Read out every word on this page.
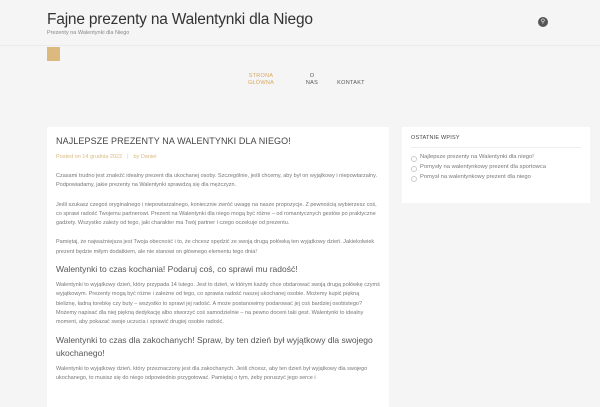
Fajne prezenty na Walentynki dla Niego
Prezenty na Walentynki dla Niego
⚲
STRONA GŁÓWNA
O NAS	KONTAKT
NAJLEPSZE PREZENTY NA WALENTYNKI DLA NIEGO!
Posted on 14 grudnia 2022 | by Daniel

Czasami trudno jest znaleźć idealny prezent dla ukochanej osoby. Szczególnie, jeśli chcemy, aby był on wyjątkowy i niepowtarzalny. Podpowiadamy, jakie prezenty na Walentynki sprawdzą się dla mężczyzn.

Jeśli szukasz czegoś oryginalnego i niepowtarzalnego, koniecznie zwróć uwagę na nasze propozycje. Z pewnością wybierzesz coś, co sprawi radość Twojemu partnerowi. Prezent na Walentynki dla niego mogą być różne – od romantycznych gestów po praktyczne gadżety. Wszystko zależy od tego, jaki charakter ma Twój partner i czego oczekuje od prezentu.

Pamiętaj, że najważniejsza jest Twoja obecność i to, że chcesz spędzić ze swoją drugą połówką ten wyjątkowy dzień. Jakiekolwiek prezent będzie miłym dodatkiem, ale nie stanowi on głównego elementu tego dnia!

Walentynki to czas kochania! Podaruj coś, co sprawi mu radość!

Walentynki to wyjątkowy dzień, który przypada 14 lutego. Jest to dzień, w którym każdy chce obdarować swoją drugą połówkę czymś wyjątkowym. Prezenty mogą być różne i zależne od tego, co sprawia radość naszej ukochanej osobie. Możemy kupić piękną bieliznę, ładną torebkę czy buty – wszystko to sprawi jej radość. A może postanowimy podarować jej coś bardziej osobistego? Możemy napisać dla niej piękną dedykację albo stworzyć coś samodzielnie – na pewno doceni taki gest. Walentynki to idealny moment, aby pokazać swoje uczucia i sprawić drugiej osobie radość.

Walentynki to czas dla zakochanych! Spraw, by ten dzień był wyjątkowy dla swojego ukochanego!

Walentynki to wyjątkowy dzień, który przeznaczony jest dla zakochanych. Jeśli chcesz, aby ten dzień był wyjątkowy dla swojego ukochanego, to musisz się do niego odpowiednio przygotować. Pamiętaj o tym, żeby poruszyć jego serce i

OSTATNIE WPISY
Najlepsze prezenty na Walentynki dla niego!
Pomysły na walentynkowy prezent dla sportowca
Pomysł na walentynkowy prezent dla niego
